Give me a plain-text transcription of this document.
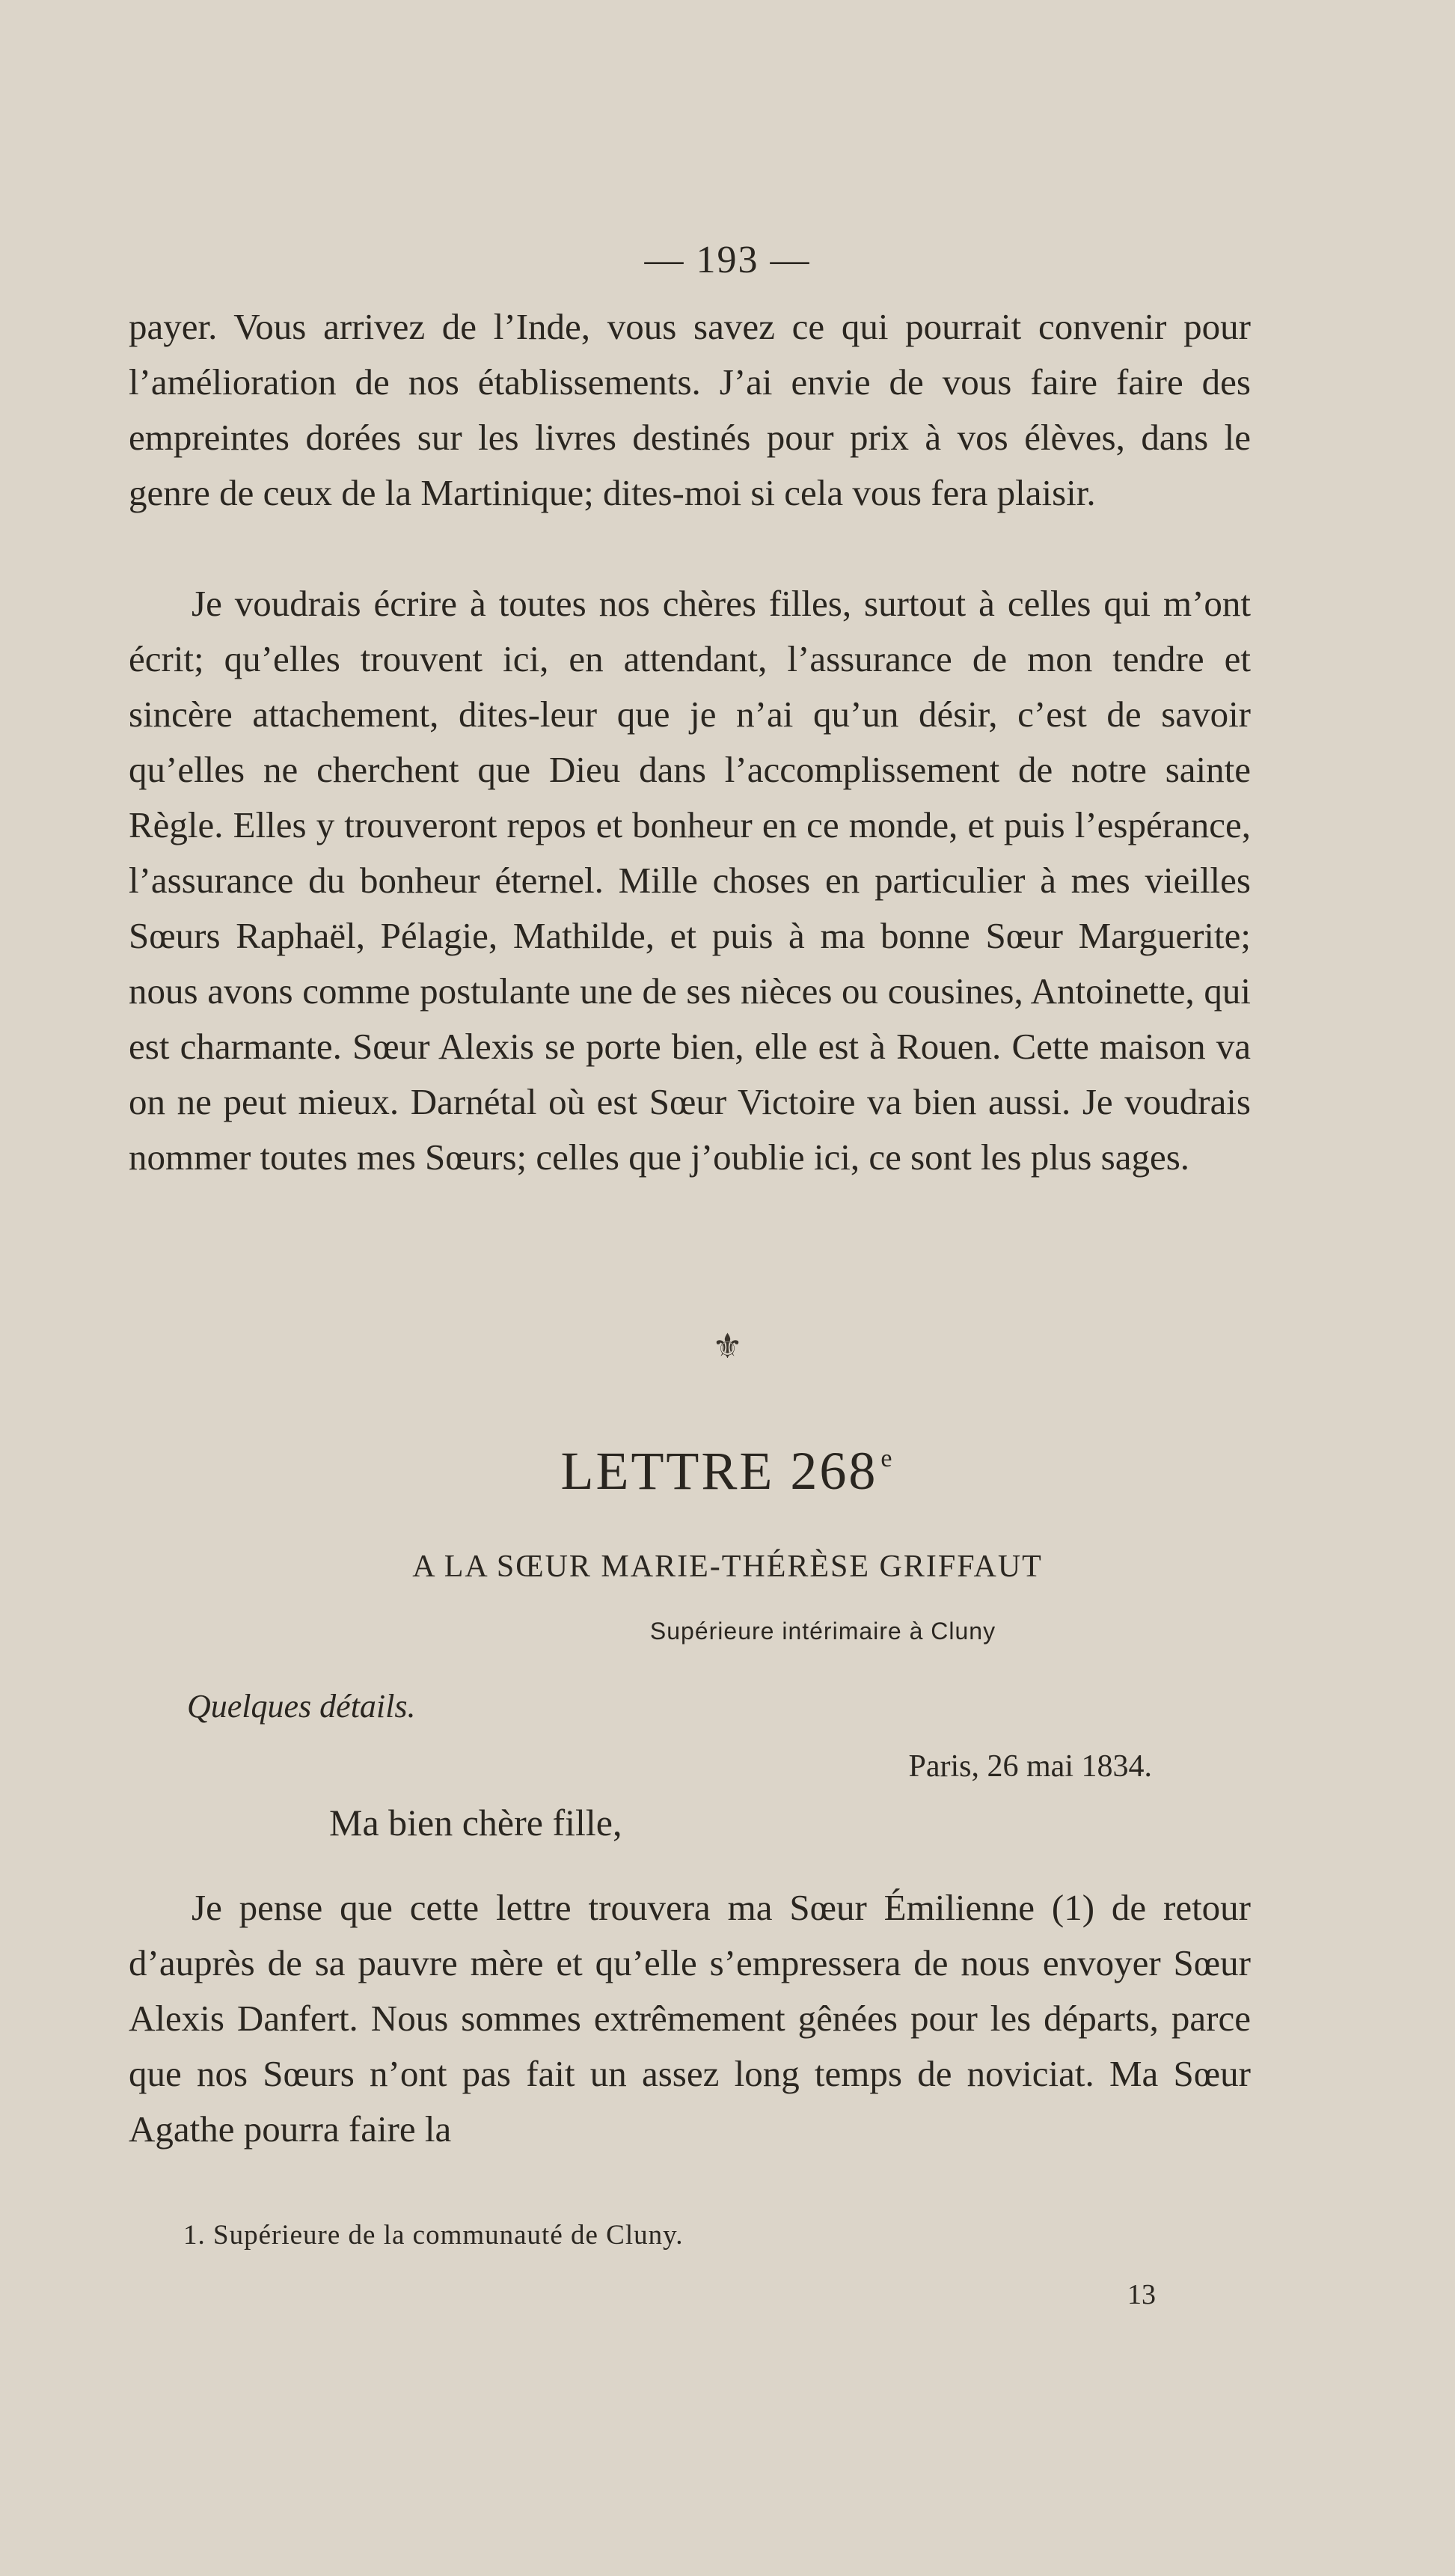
— 193 —

payer. Vous arrivez de l’Inde, vous savez ce qui pourrait convenir pour l’amélioration de nos établissements. J’ai envie de vous faire faire des empreintes dorées sur les livres destinés pour prix à vos élèves, dans le genre de ceux de la Martinique; dites-moi si cela vous fera plaisir.

Je voudrais écrire à toutes nos chères filles, surtout à celles qui m’ont écrit; qu’elles trouvent ici, en attendant, l’assurance de mon tendre et sincère attachement, dites-leur que je n’ai qu’un désir, c’est de savoir qu’elles ne cherchent que Dieu dans l’accomplissement de notre sainte Règle. Elles y trouveront repos et bonheur en ce monde, et puis l’espérance, l’assurance du bonheur éternel. Mille choses en particulier à mes vieilles Sœurs Raphaël, Pélagie, Mathilde, et puis à ma bonne Sœur Marguerite; nous avons comme postulante une de ses nièces ou cousines, Antoinette, qui est charmante. Sœur Alexis se porte bien, elle est à Rouen. Cette maison va on ne peut mieux. Darnétal où est Sœur Victoire va bien aussi. Je voudrais nommer toutes mes Sœurs; celles que j’oublie ici, ce sont les plus sages.

⚜
LETTRE 268 $^e$
A LA SŒUR MARIE-THÉRÈSE GRIFFAUT
Supérieure intérimaire à Cluny
Quelques détails.
Paris, 26 mai 1834.
Ma bien chère fille,

Je pense que cette lettre trouvera ma Sœur Émilienne (1) de retour d’auprès de sa pauvre mère et qu’elle s’empressera de nous envoyer Sœur Alexis Danfert. Nous sommes extrêmement gênées pour les départs, parce que nos Sœurs n’ont pas fait un assez long temps de noviciat. Ma Sœur Agathe pourra faire la

1. Supérieure de la communauté de Cluny.
13
